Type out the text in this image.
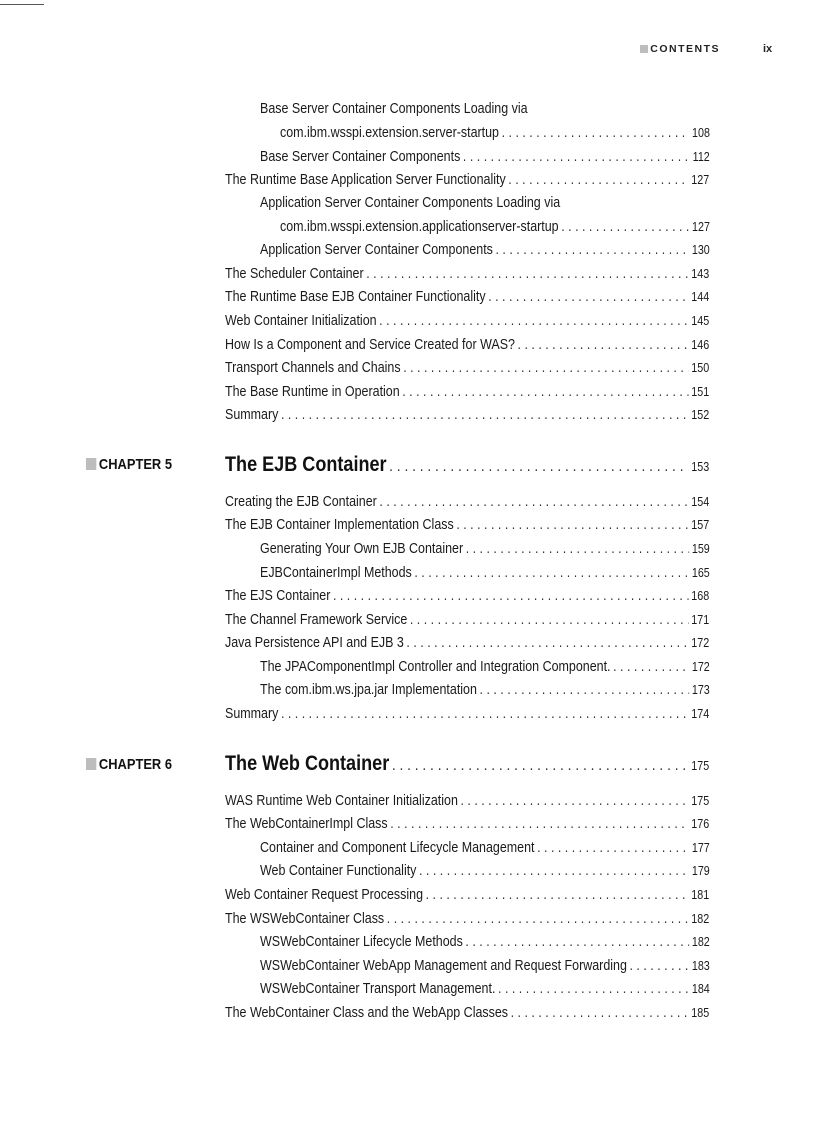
CONTENTS	ix
Base Server Container Components Loading via
com.ibm.wsspi.extension.server-startup . . .	108
Base Server Container Components . . .	112
The Runtime Base Application Server Functionality . . .	127
Application Server Container Components Loading via
com.ibm.wsspi.extension.applicationserver-startup . . .	127
Application Server Container Components . . .	130
The Scheduler Container . . .	143
The Runtime Base EJB Container Functionality . . .	144
Web Container Initialization . . .	145
How Is a Component and Service Created for WAS? . . .	146
Transport Channels and Chains . . .	150
The Base Runtime in Operation . . .	151
Summary . . .	152
CHAPTER 5	The EJB Container . . .	153
Creating the EJB Container . . .	154
The EJB Container Implementation Class . . .	157
Generating Your Own EJB Container . . .	159
EJBContainerImpl Methods . . .	165
The EJS Container . . .	168
The Channel Framework Service . . .	171
Java Persistence API and EJB 3 . . .	172
The JPAComponentImpl Controller and Integration Component. . . .	172
The com.ibm.ws.jpa.jar Implementation . . .	173
Summary . . .	174
CHAPTER 6	The Web Container . . .	175
WAS Runtime Web Container Initialization . . .	175
The WebContainerImpl Class . . .	176
Container and Component Lifecycle Management . . .	177
Web Container Functionality . . .	179
Web Container Request Processing . . .	181
The WSWebContainer Class . . .	182
WSWebContainer Lifecycle Methods . . .	182
WSWebContainer WebApp Management and Request Forwarding . . .	183
WSWebContainer Transport Management. . . .	184
The WebContainer Class and the WebApp Classes . . .	185
